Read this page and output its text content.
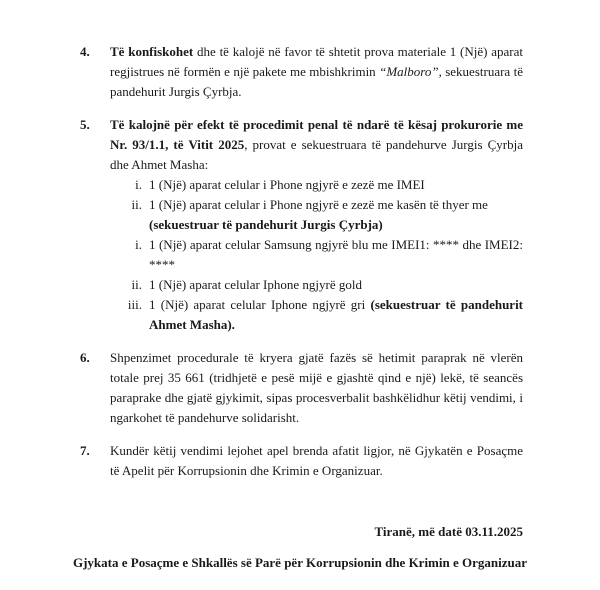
4.	Të konfiskohet dhe të kalojë në favor të shtetit prova materiale 1 (Një) aparat regjistrues në formën e një pakete me mbishkrimin “Malboro”, sekuestruara të pandehurit Jurgis Çyrbja.
5.	Të kalojnë për efekt të procedimit penal të ndarë të kësaj prokurorie me Nr. 93/1.1, të Vitit 2025, provat e sekuestruara të pandehurve Jurgis Çyrbja dhe Ahmet Masha:
i. 1 (Një) aparat celular i Phone ngjyrë e zezë me IMEI
ii. 1 (Një) aparat celular i Phone ngjyrë e zezë me kasën të thyer me
(sekuestruar të pandehurit Jurgis Çyrbja)
i. 1 (Një) aparat celular Samsung ngjyrë blu me IMEI1: **** dhe IMEI2: ****
ii. 1 (Një) aparat celular Iphone ngjyrë gold
iii. 1 (Një) aparat celular Iphone ngjyrë gri (sekuestruar të pandehurit Ahmet Masha).
6.	Shpenzimet procedurale të kryera gjatë fazës së hetimit paraprak në vlerën totale prej 35 661 (tridhjetë e pesë mijë e gjashtë qind e një) lekë, të seancës paraprake dhe gjatë gjykimit, sipas procesverbalit bashkëlidhur këtij vendimi, i ngarkohet të pandehurve solidarisht.
7.	Kundër këtij vendimi lejohet apel brenda afatit ligjor, në Gjykatën e Posaçme të Apelit për Korrupsionin dhe Krimin e Organizuar.
Tiranë, më datë 03.11.2025
Gjykata e Posaçme e Shkallës së Parë për Korrupsionin dhe Krimin e Organizuar
